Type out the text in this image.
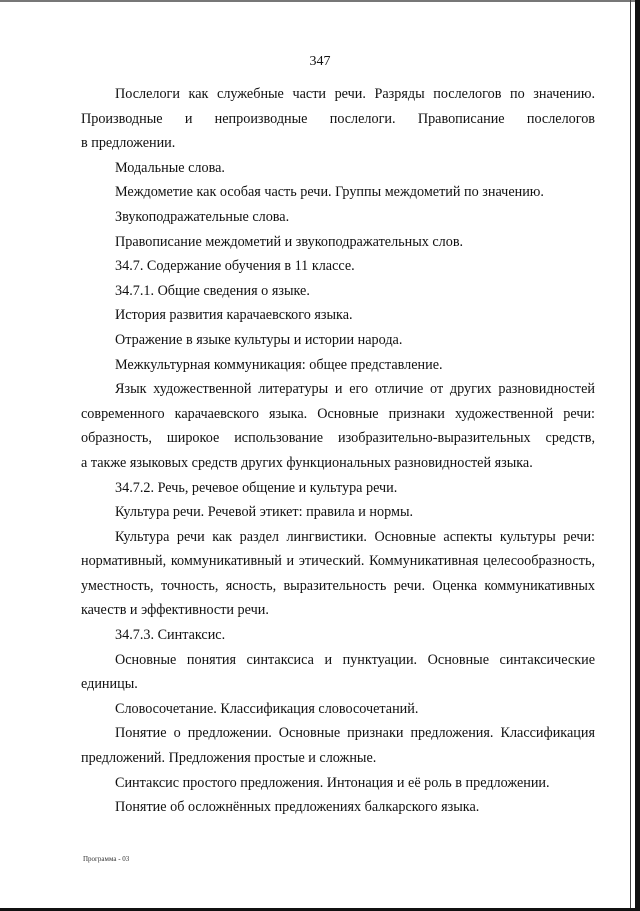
347
Послелоги как служебные части речи. Разряды послелогов по значению.
Производные и непроизводные послелоги. Правописание послелогов
в предложении.
Модальные слова.
Междометие как особая часть речи. Группы междометий по значению.
Звукоподражательные слова.
Правописание междометий и звукоподражательных слов.
34.7. Содержание обучения в 11 классе.
34.7.1. Общие сведения о языке.
История развития карачаевского языка.
Отражение в языке культуры и истории народа.
Межкультурная коммуникация: общее представление.
Язык художественной литературы и его отличие от других разновидностей
современного карачаевского языка. Основные признаки художественной речи:
образность, широкое использование изобразительно-выразительных средств,
а также языковых средств других функциональных разновидностей языка.
34.7.2. Речь, речевое общение и культура речи.
Культура речи. Речевой этикет: правила и нормы.
Культура речи как раздел лингвистики. Основные аспекты культуры речи:
нормативный, коммуникативный и этический. Коммуникативная целесообразность,
уместность, точность, ясность, выразительность речи. Оценка коммуникативных
качеств и эффективности речи.
34.7.3. Синтаксис.
Основные понятия синтаксиса и пунктуации. Основные синтаксические
единицы.
Словосочетание. Классификация словосочетаний.
Понятие о предложении. Основные признаки предложения. Классификация
предложений. Предложения простые и сложные.
Синтаксис простого предложения. Интонация и её роль в предложении.
Понятие об осложнённых предложениях балкарского языка.
Программа - 03
